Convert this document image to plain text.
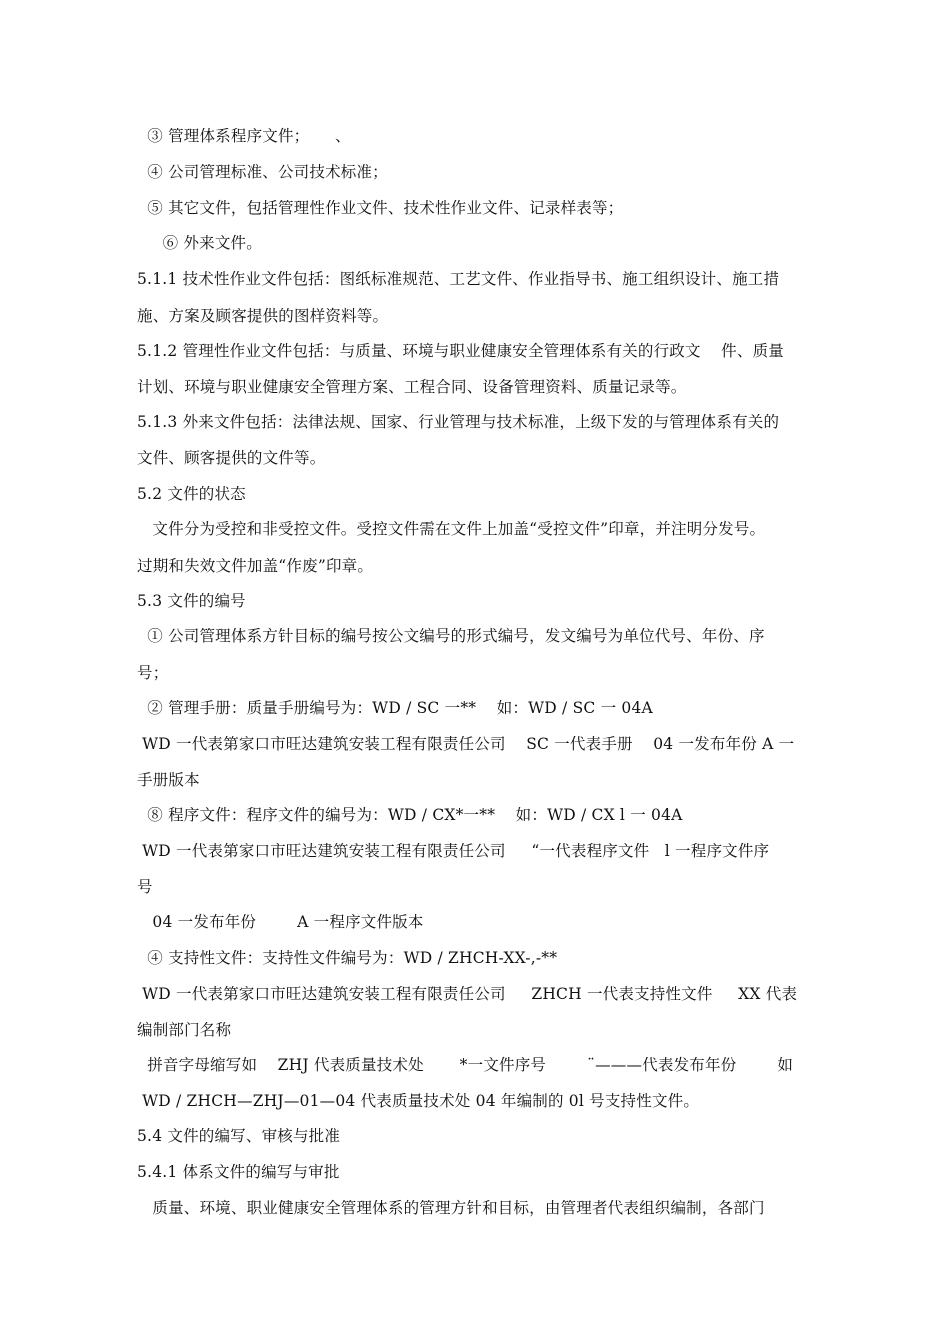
③ 管理体系程序文件；     、
④ 公司管理标准、公司技术标准；
⑤ 其它文件，包括管理性作业文件、技术性作业文件、记录样表等；
⑥ 外来文件。
5.1.1 技术性作业文件包括：图纸标准规范、工艺文件、作业指导书、施工组织设计、施工措
施、方案及顾客提供的图样资料等。
5.1.2 管理性作业文件包括：与质量、环境与职业健康安全管理体系有关的行政文    件、质量
计划、环境与职业健康安全管理方案、工程合同、设备管理资料、质量记录等。
5.1.3 外来文件包括：法律法规、国家、行业管理与技术标准，上级下发的与管理体系有关的
文件、顾客提供的文件等。
5.2 文件的状态
文件分为受控和非受控文件。受控文件需在文件上加盖“受控文件”印章，并注明分发号。
过期和失效文件加盖“作废”印章。
5.3 文件的编号
① 公司管理体系方针目标的编号按公文编号的形式编号，发文编号为单位代号、年份、序
号；
② 管理手册：质量手册编号为：WD / SC 一**    如：WD / SC 一 04A
WD 一代表第家口市旺达建筑安装工程有限责任公司    SC 一代表手册    04 一发布年份 A 一
手册版本
⑧ 程序文件：程序文件的编号为：WD / CX*一**    如：WD / CX l 一 04A
WD 一代表第家口市旺达建筑安装工程有限责任公司     “一代表程序文件   l 一程序文件序
号
04 一发布年份        A 一程序文件版本
④ 支持性文件：支持性文件编号为：WD / ZHCH-XX-,-**
WD 一代表第家口市旺达建筑安装工程有限责任公司     ZHCH 一代表支持性文件     XX 代表
编制部门名称
拼音字母缩写如    ZHJ 代表质量技术处       *一文件序号        ¨———代表发布年份        如
WD / ZHCH—ZHJ—01—04 代表质量技术处 04 年编制的 0l 号支持性文件。
5.4 文件的编写、审核与批准
5.4.1 体系文件的编写与审批
质量、环境、职业健康安全管理体系的管理方针和目标，由管理者代表组织编制，各部门
